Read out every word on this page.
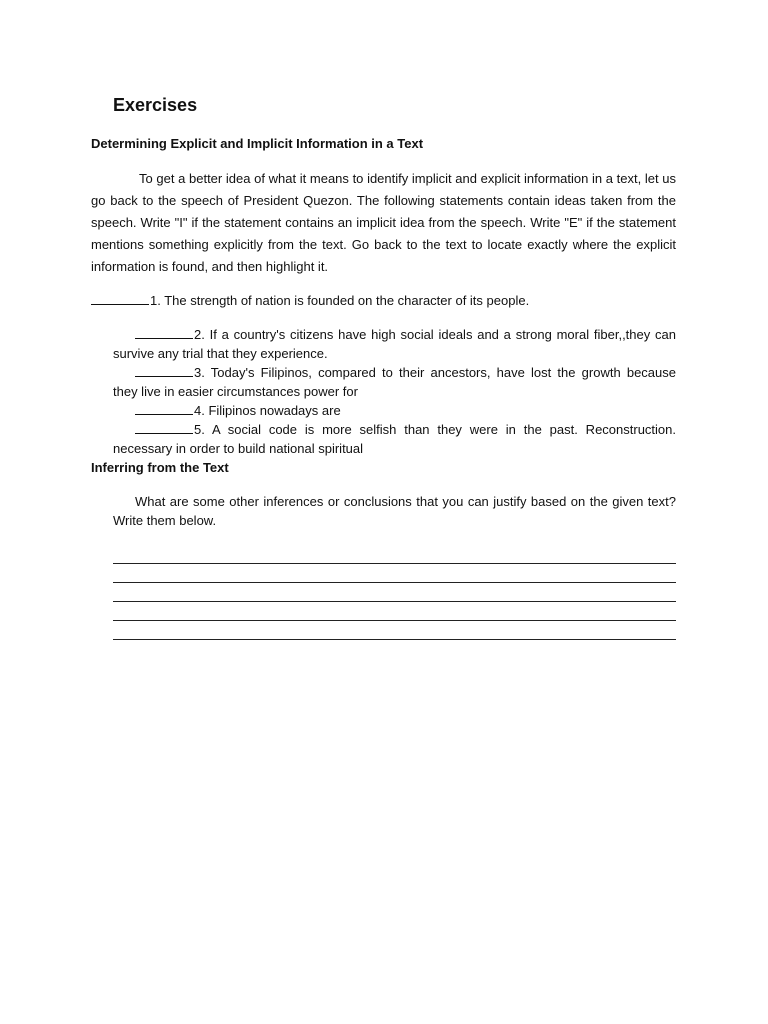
Exercises
Determining Explicit and Implicit Information in a Text

To get a better idea of what it means to identify implicit and explicit information in a text, let us go back to the speech of President Quezon. The following statements contain ideas taken from the speech. Write "I" if the statement contains an implicit idea from the speech. Write "E" if the statement mentions something explicitly from the text. Go back to the text to locate exactly where the explicit information is found, and then highlight it.

1. The strength of nation is founded on the character of its people.

2. If a country's citizens have high social ideals and a strong moral fiber,,they can survive any trial that they experience.

3. Today's Filipinos, compared to their ancestors, have lost the growth because they live in easier circumstances power for

4. Filipinos nowadays are

5. A social code is more selfish than they were in the past. Reconstruction. necessary in order to build national spiritual

Inferring from the Text

What are some other inferences or conclusions that you can justify based on the given text? Write them below.
